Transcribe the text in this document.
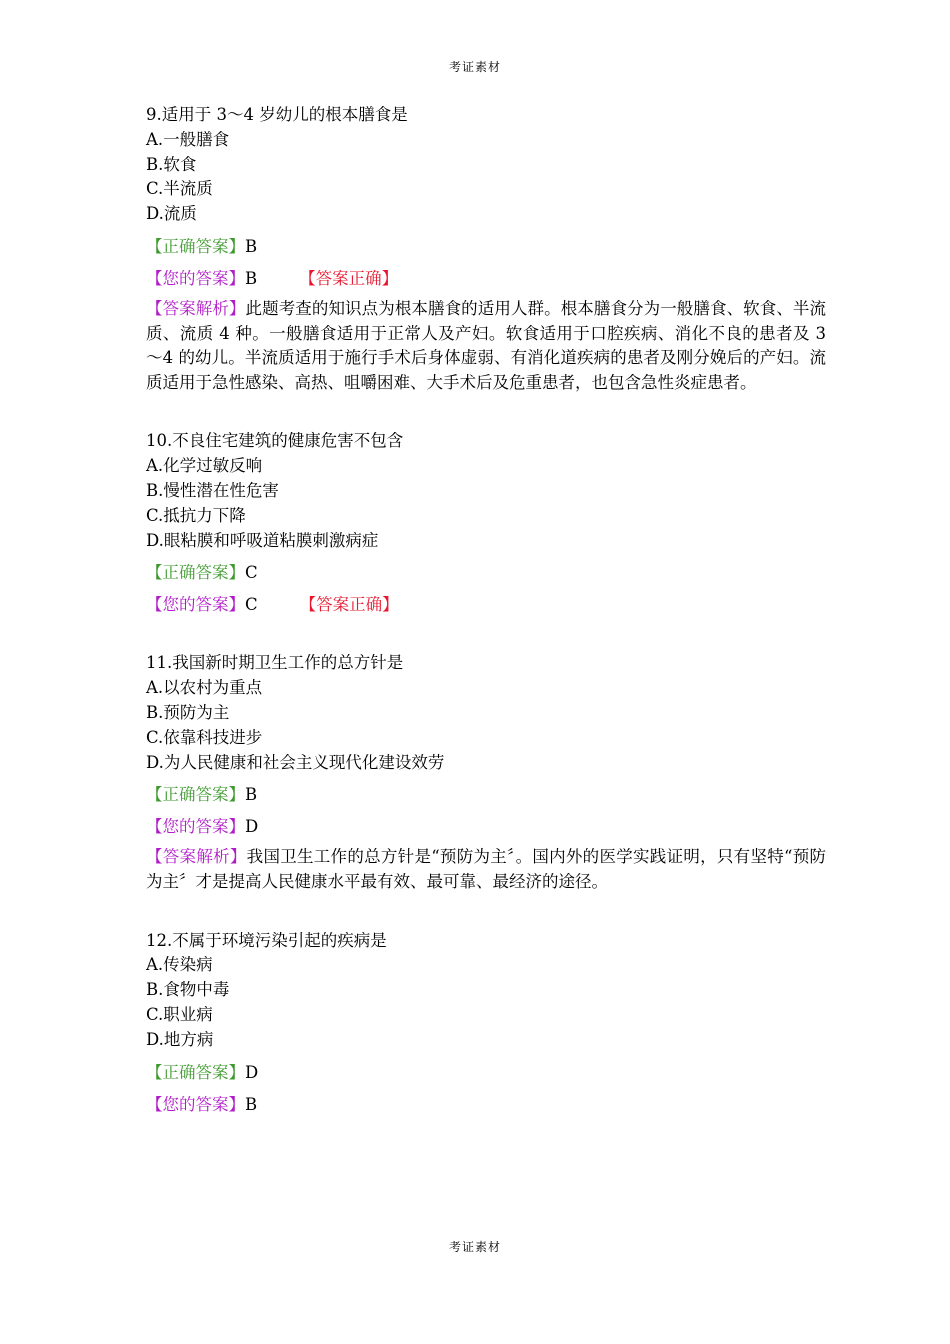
考证素材
9.适用于 3～4 岁幼儿的根本膳食是
A.一般膳食
B.软食
C.半流质
D.流质
【正确答案】B
【您的答案】B	【答案正确】
【答案解析】此题考查的知识点为根本膳食的适用人群。根本膳食分为一般膳食、软食、半流质、流质 4 种。一般膳食适用于正常人及产妇。软食适用于口腔疾病、消化不良的患者及 3～4 的幼儿。半流质适用于施行手术后身体虚弱、有消化道疾病的患者及刚分娩后的产妇。流质适用于急性感染、高热、咀嚼困难、大手术后及危重患者，也包含急性炎症患者。
10.不良住宅建筑的健康危害不包含
A.化学过敏反响
B.慢性潜在性危害
C.抵抗力下降
D.眼粘膜和呼吸道粘膜刺激病症
【正确答案】C
【您的答案】C	【答案正确】
11.我国新时期卫生工作的总方针是
A.以农村为重点
B.预防为主
C.依靠科技进步
D.为人民健康和社会主义现代化建设效劳
【正确答案】B
【您的答案】D
【答案解析】我国卫生工作的总方针是“预防为主〞。国内外的医学实践证明，只有坚特“预防为主〞才是提高人民健康水平最有效、最可靠、最经济的途径。
12.不属于环境污染引起的疾病是
A.传染病
B.食物中毒
C.职业病
D.地方病
【正确答案】D
【您的答案】B
考证素材
